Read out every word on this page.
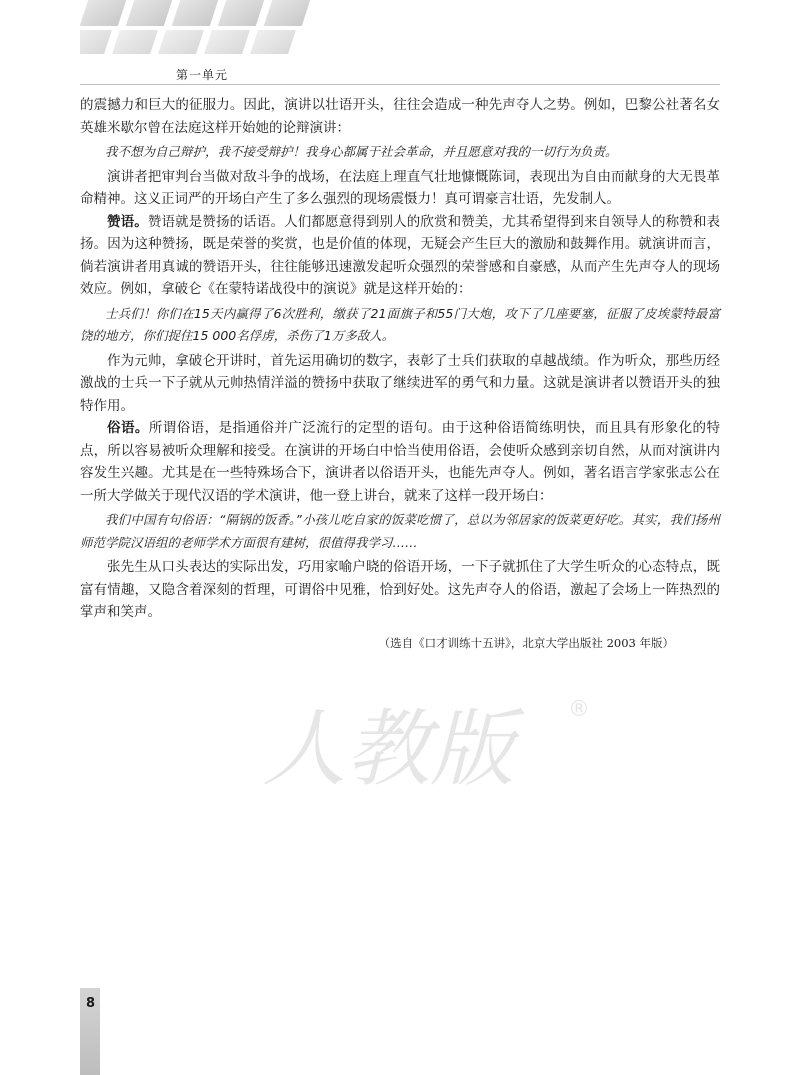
第一单元

的震撼力和巨大的征服力。因此，演讲以壮语开头，往往会造成一种先声夺人之势。例如，巴黎公社著名女英雄米歇尔曾在法庭这样开始她的论辩演讲：

我不想为自己辩护，我不接受辩护！我身心都属于社会革命，并且愿意对我的一切行为负责。

演讲者把审判台当做对敌斗争的战场，在法庭上理直气壮地慷慨陈词，表现出为自由而献身的大无畏革命精神。这义正词严的开场白产生了多么强烈的现场震慑力！真可谓豪言壮语，先发制人。

赞语。赞语就是赞扬的话语。人们都愿意得到别人的欣赏和赞美，尤其希望得到来自领导人的称赞和表扬。因为这种赞扬，既是荣誉的奖赏，也是价值的体现，无疑会产生巨大的激励和鼓舞作用。就演讲而言，倘若演讲者用真诚的赞语开头，往往能够迅速激发起听众强烈的荣誉感和自豪感，从而产生先声夺人的现场效应。例如，拿破仑《在蒙特诺战役中的演说》就是这样开始的：

士兵们！你们在15天内赢得了6次胜利，缴获了21面旗子和55门大炮，攻下了几座要塞，征服了皮埃蒙特最富饶的地方，你们捉住15 000名俘虏，杀伤了1万多敌人。

作为元帅，拿破仑开讲时，首先运用确切的数字，表彰了士兵们获取的卓越战绩。作为听众，那些历经激战的士兵一下子就从元帅热情洋溢的赞扬中获取了继续进军的勇气和力量。这就是演讲者以赞语开头的独特作用。

俗语。所谓俗语，是指通俗并广泛流行的定型的语句。由于这种俗语简练明快，而且具有形象化的特点，所以容易被听众理解和接受。在演讲的开场白中恰当使用俗语，会使听众感到亲切自然，从而对演讲内容发生兴趣。尤其是在一些特殊场合下，演讲者以俗语开头，也能先声夺人。例如，著名语言学家张志公在一所大学做关于现代汉语的学术演讲，他一登上讲台，就来了这样一段开场白：

我们中国有句俗语：“隔锅的饭香。”小孩儿吃自家的饭菜吃惯了，总以为邻居家的饭菜更好吃。其实，我们扬州师范学院汉语组的老师学术方面很有建树，很值得我学习……

张先生从口头表达的实际出发，巧用家喻户晓的俗语开场，一下子就抓住了大学生听众的心态特点，既富有情趣，又隐含着深刻的哲理，可谓俗中见雅，恰到好处。这先声夺人的俗语，激起了会场上一阵热烈的掌声和笑声。

（选自《口才训练十五讲》，北京大学出版社 2003 年版）

人教版	®
8
